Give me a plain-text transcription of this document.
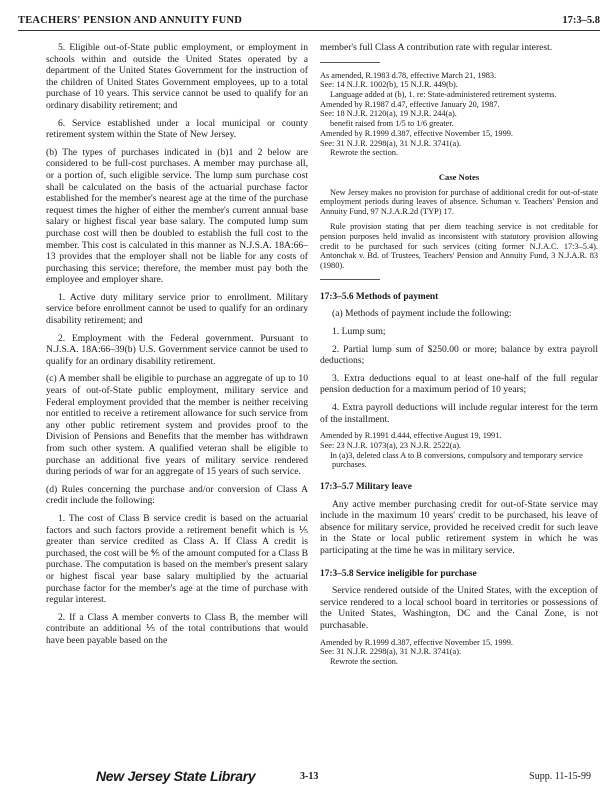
TEACHERS' PENSION AND ANNUITY FUND	17:3–5.8

5. Eligible out-of-State public employment, or employment in schools within and outside the United States operated by a department of the United States Government for the instruction of the children of United States Government employees, up to a total purchase of 10 years. This service cannot be used to qualify for an ordinary disability retirement; and

6. Service established under a local municipal or county retirement system within the State of New Jersey.

(b) The types of purchases indicated in (b)1 and 2 below are considered to be full-cost purchases. A member may purchase all, or a portion of, such eligible service. The lump sum purchase cost shall be calculated on the basis of the actuarial purchase factor established for the member's nearest age at the time of the purchase request times the higher of either the member's current annual base salary or highest fiscal year base salary. The computed lump sum purchase cost will then be doubled to establish the full cost to the member. This cost is calculated in this manner as N.J.S.A. 18A:66–13 provides that the employer shall not be liable for any costs of purchasing this service; therefore, the member must pay both the employee and employer share.

1. Active duty military service prior to enrollment. Military service before enrollment cannot be used to qualify for an ordinary disability retirement; and

2. Employment with the Federal government. Pursuant to N.J.S.A. 18A:66–39(b) U.S. Government service cannot be used to qualify for an ordinary disability retirement.

(c) A member shall be eligible to purchase an aggregate of up to 10 years of out-of-State public employment, military service and Federal employment provided that the member is neither receiving nor entitled to receive a retirement allowance for such service from any other public retirement system and provides proof to the Division of Pensions and Benefits that the member has withdrawn from such other system. A qualified veteran shall be eligible to purchase an additional five years of military service rendered during periods of war for an aggregate of 15 years of such service.

(d) Rules concerning the purchase and/or conversion of Class A credit include the following:

1. The cost of Class B service credit is based on the actuarial factors and such factors provide a retirement benefit which is ⅕ greater than service credited as Class A. If Class A credit is purchased, the cost will be ⅘ of the amount computed for a Class B purchase. The computation is based on the member's present salary or highest fiscal year base salary multiplied by the actuarial purchase factor for the member's age at the time of purchase with regular interest.

2. If a Class A member converts to Class B, the member will contribute an additional ⅕ of the total contributions that would have been payable based on the

member's full Class A contribution rate with regular interest.

As amended, R.1983 d.78, effective March 21, 1983.

See: 14 N.J.R. 1002(b), 15 N.J.R. 449(b).

Language added at (b), 1. re: State-administered retirement systems.

Amended by R.1987 d.47, effective January 20, 1987.

See: 18 N.J.R. 2120(a), 19 N.J.R. 244(a).

benefit raised from 1/5 to 1/6 greater.

Amended by R.1999 d.387, effective November 15, 1999.

See: 31 N.J.R. 2298(a), 31 N.J.R. 3741(a).

Rewrote the section.

Case Notes

New Jersey makes no provision for purchase of additional credit for out-of-state employment periods during leaves of absence. Schuman v. Teachers' Pension and Annuity Fund, 97 N.J.A.R.2d (TYP) 17.

Rule provision stating that per diem teaching service is not creditable for pension purposes held invalid as inconsistent with statutory provision allowing credit to be purchased for such services (citing former N.J.A.C. 17:3–5.4). Antonchak v. Bd. of Trustees, Teachers' Pension and Annuity Fund, 3 N.J.A.R. 83 (1980).

17:3–5.6 Methods of payment

(a) Methods of payment include the following:

1. Lump sum;

2. Partial lump sum of $250.00 or more; balance by extra payroll deductions;

3. Extra deductions equal to at least one-half of the full regular pension deduction for a maximum period of 10 years;

4. Extra payroll deductions will include regular interest for the term of the installment.

Amended by R.1991 d.444, effective August 19, 1991.

See: 23 N.J.R. 1073(a), 23 N.J.R. 2522(a).

In (a)3, deleted class A to B conversions, compulsory and temporary service purchases.

17:3–5.7 Military leave

Any active member purchasing credit for out-of-State service may include in the maximum 10 years' credit to be purchased, his leave of absence for military service, provided he received credit for such leave in the State or local public retirement system in which he was participating at the time he was in military service.

17:3–5.8 Service ineligible for purchase

Service rendered outside of the United States, with the exception of service rendered to a local school board in territories or possessions of the United States, Washington, DC and the Canal Zone, is not purchasable.

Amended by R.1999 d.387, effective November 15, 1999.

See: 31 N.J.R. 2298(a), 31 N.J.R. 3741(a).

Rewrote the section.

New Jersey State Library	3-13	Supp. 11-15-99
